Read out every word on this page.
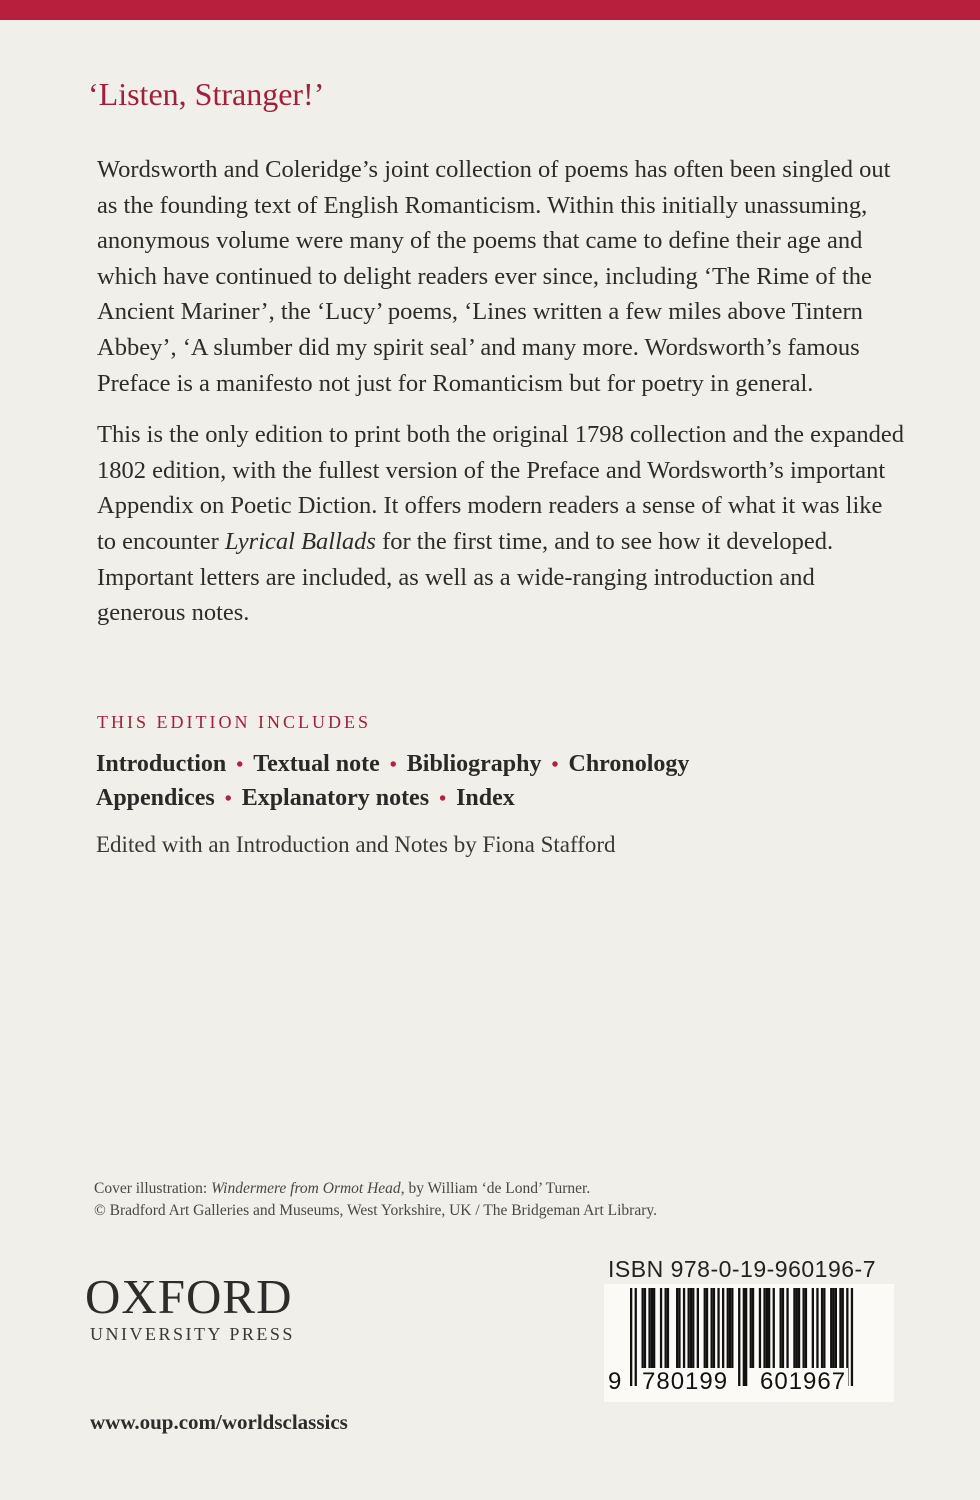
‘Listen, Stranger!’

Wordsworth and Coleridge’s joint collection of poems has often been singled out as the founding text of English Romanticism. Within this initially unassuming, anonymous volume were many of the poems that came to define their age and which have continued to delight readers ever since, including ‘The Rime of the Ancient Mariner’, the ‘Lucy’ poems, ‘Lines written a few miles above Tintern Abbey’, ‘A slumber did my spirit seal’ and many more. Wordsworth’s famous Preface is a manifesto not just for Romanticism but for poetry in general.

This is the only edition to print both the original 1798 collection and the expanded 1802 edition, with the fullest version of the Preface and Wordsworth’s important Appendix on Poetic Diction. It offers modern readers a sense of what it was like to encounter Lyrical Ballads for the first time, and to see how it developed. Important letters are included, as well as a wide-ranging introduction and generous notes.

THIS EDITION INCLUDES
Introduction • Textual note • Bibliography • Chronology
Appendices • Explanatory notes • Index
Edited with an Introduction and Notes by Fiona Stafford
Cover illustration: Windermere from Ormot Head, by William ‘de Lond’ Turner.
© Bradford Art Galleries and Museums, West Yorkshire, UK / The Bridgeman Art Library.
OXFORD
UNIVERSITY PRESS
www.oup.com/worldsclassics
ISBN 978-0-19-960196-7
9 780199 601967
